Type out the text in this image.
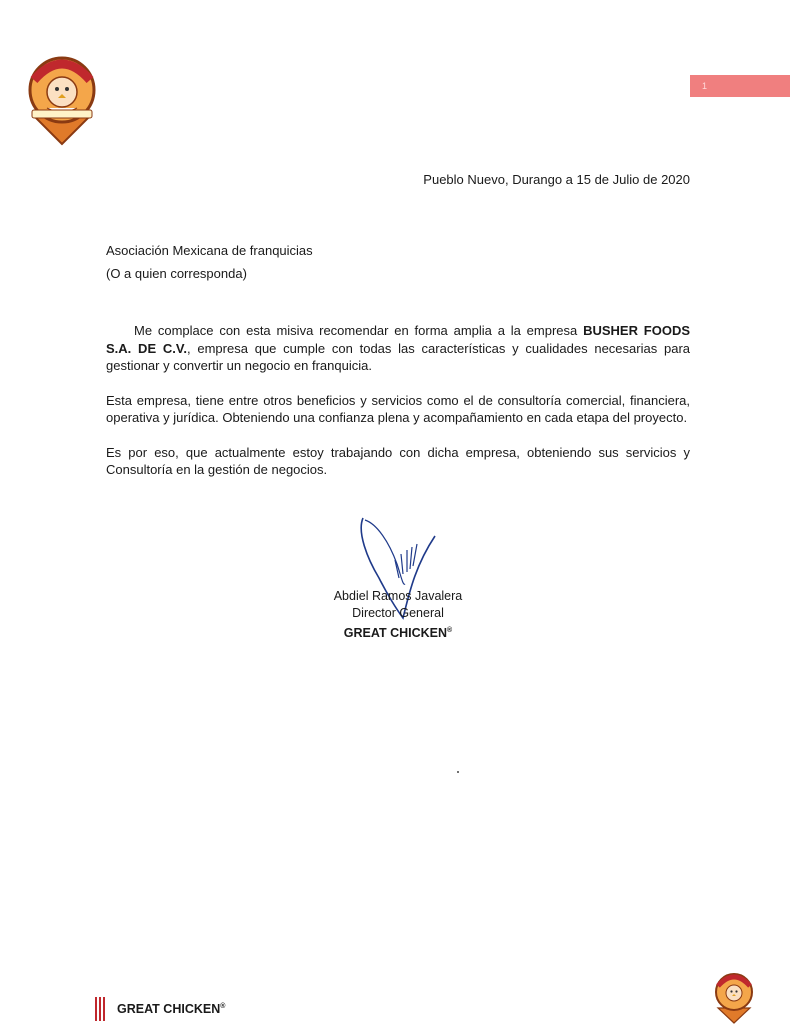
1
Pueblo Nuevo, Durango a 15 de Julio de 2020
Asociación Mexicana de franquicias
(O a quien corresponda)

Me complace con esta misiva recomendar en forma amplia a la empresa BUSHER FOODS S.A. DE C.V., empresa que cumple con todas las características y cualidades necesarias para gestionar y convertir un negocio en franquicia.

Esta empresa, tiene entre otros beneficios y servicios como el de consultoría comercial, financiera, operativa y jurídica. Obteniendo una confianza plena y acompañamiento en cada etapa del proyecto.

Es por eso, que actualmente estoy trabajando con dicha empresa, obteniendo sus servicios y Consultoría en la gestión de negocios.

Abdiel Ramos Javalera
Director General
GREAT CHICKEN®
GREAT CHICKEN®
